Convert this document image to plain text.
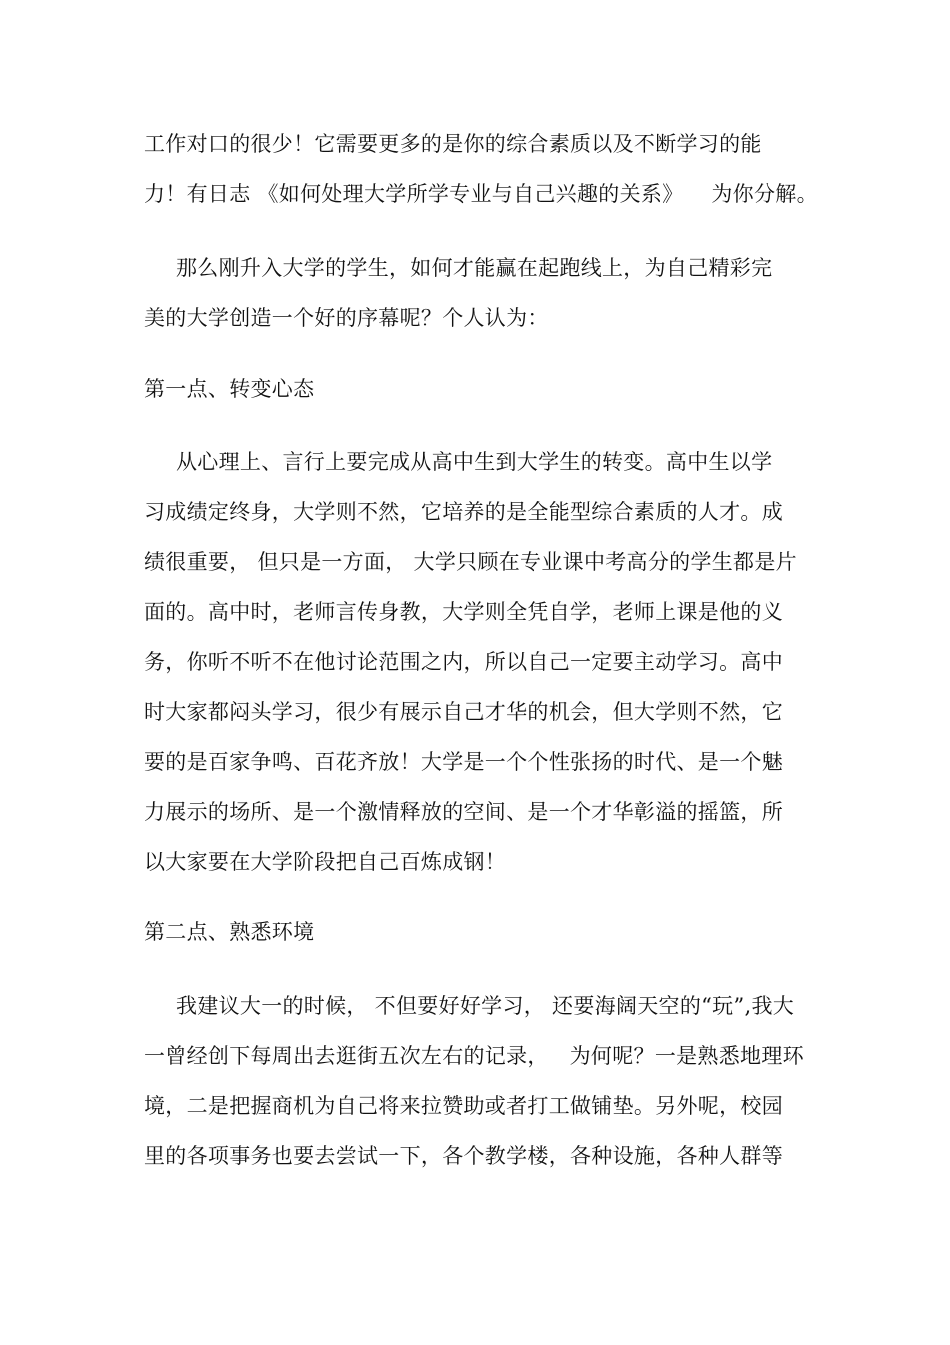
工作对口的很少！它需要更多的是你的综合素质以及不断学习的能
力！有日志 《如何处理大学所学专业与自己兴趣的关系》    为你分解。
那么刚升入大学的学生，如何才能赢在起跑线上，为自己精彩完
美的大学创造一个好的序幕呢？个人认为：
第一点、转变心态
从心理上、言行上要完成从高中生到大学生的转变。高中生以学
习成绩定终身，大学则不然，它培养的是全能型综合素质的人才。成
绩很重要， 但只是一方面， 大学只顾在专业课中考高分的学生都是片
面的。高中时，老师言传身教，大学则全凭自学，老师上课是他的义
务，你听不听不在他讨论范围之内，所以自己一定要主动学习。高中
时大家都闷头学习，很少有展示自己才华的机会，但大学则不然，它
要的是百家争鸣、百花齐放！大学是一个个性张扬的时代、是一个魅
力展示的场所、是一个激情释放的空间、是一个才华彰溢的摇篮，所
以大家要在大学阶段把自己百炼成钢！
第二点、熟悉环境
我建议大一的时候， 不但要好好学习， 还要海阔天空的“玩”,我大
一曾经创下每周出去逛街五次左右的记录，   为何呢？一是熟悉地理环
境，二是把握商机为自己将来拉赞助或者打工做铺垫。另外呢，校园
里的各项事务也要去尝试一下，各个教学楼，各种设施，各种人群等
